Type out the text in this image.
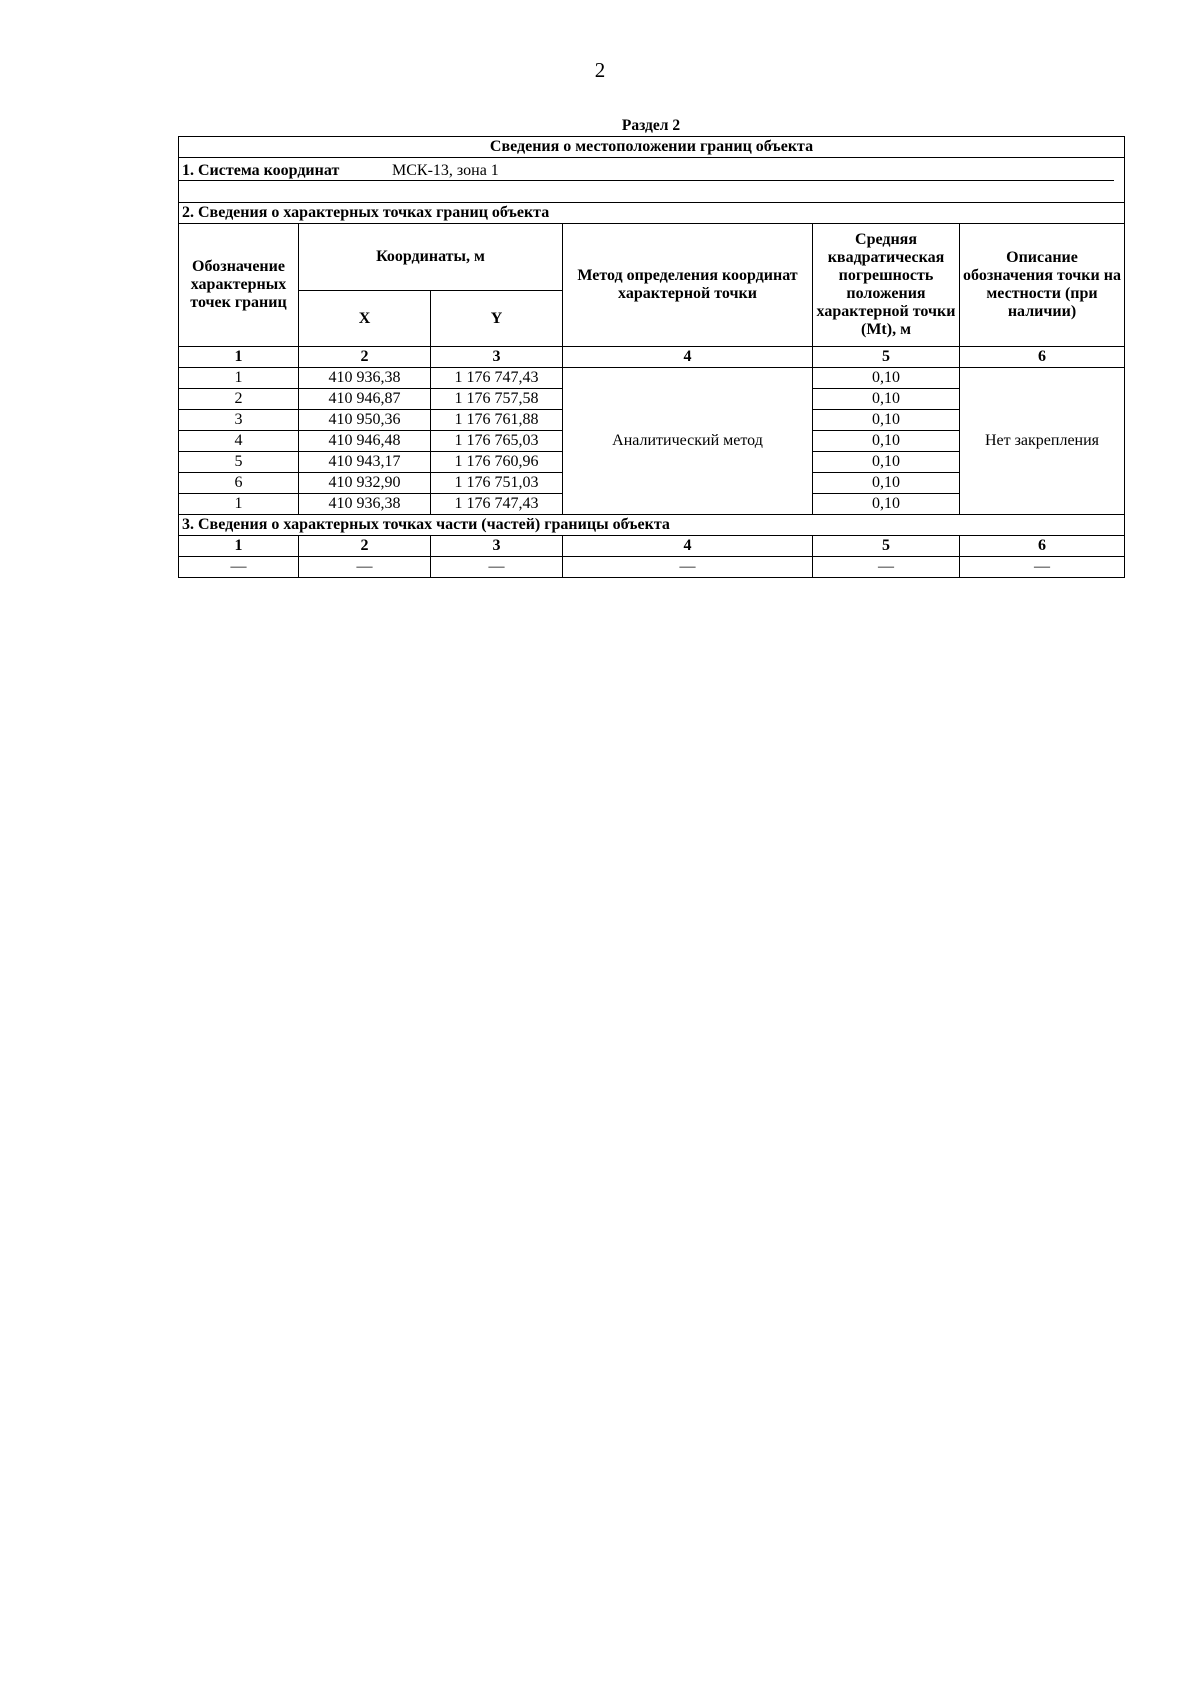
2
Раздел 2
Сведения о местоположении границ объекта					

1. Система координат МСК-13, зона 1					

2. Сведения о характерных точках границ объекта					
Обозначение характерных точек границ	Координаты, м		Метод определения координат характерной точки	Средняя квадратическая погрешность положения характерной точки (Mt), м	Описание обозначения точки на местности (при наличии)
	X	Y			
1	2	3	4	5	6
1	410 936,38	1 176 747,43	Аналитический метод	0,10	Нет закрепления
2	410 946,87	1 176 757,58		0,10	
3	410 950,36	1 176 761,88		0,10	
4	410 946,48	1 176 765,03		0,10	
5	410 943,17	1 176 760,96		0,10	
6	410 932,90	1 176 751,03		0,10	
1	410 936,38	1 176 747,43		0,10	
3. Сведения о характерных точках части (частей) границы объекта					
1	2	3	4	5	6
—	—	—	—	—	—
